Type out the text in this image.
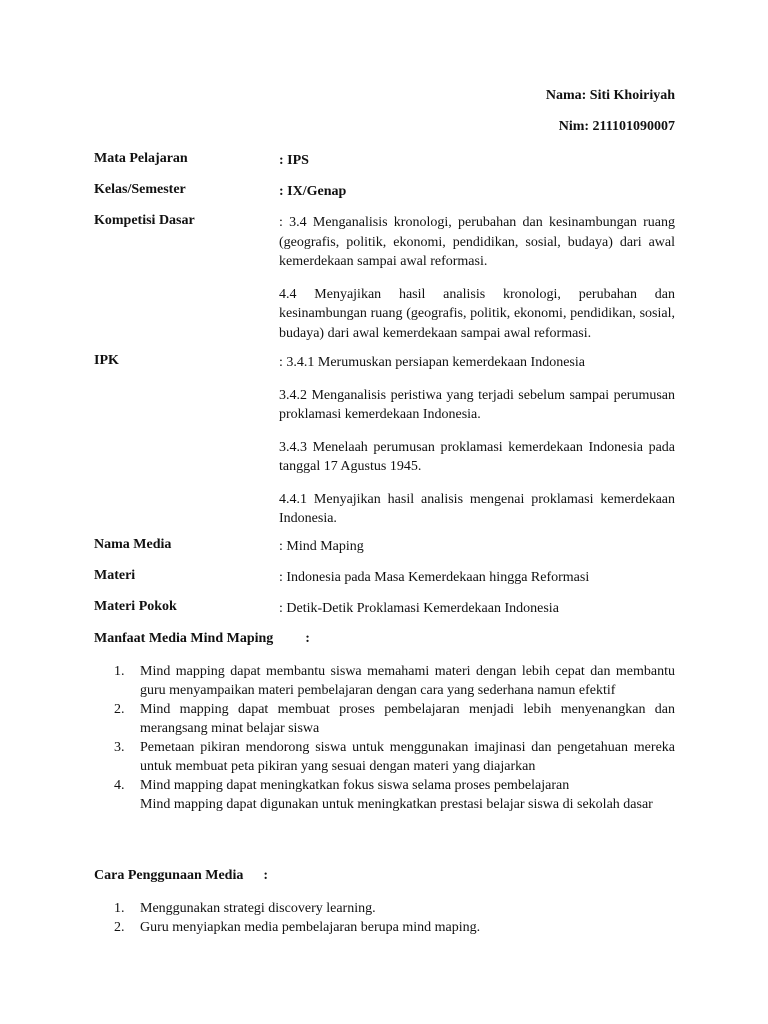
Nama: Siti Khoiriyah
Nim: 211101090007
Mata Pelajaran	: IPS
Kelas/Semester	: IX/Genap
Kompetisi Dasar	: 3.4 Menganalisis kronologi, perubahan dan kesinambungan ruang (geografis, politik, ekonomi, pendidikan, sosial, budaya) dari awal kemerdekaan sampai awal reformasi.

4.4 Menyajikan hasil analisis kronologi, perubahan dan kesinambungan ruang (geografis, politik, ekonomi, pendidikan, sosial, budaya) dari awal kemerdekaan sampai awal reformasi.

IPK	: 3.4.1 Merumuskan persiapan kemerdekaan Indonesia

3.4.2 Menganalisis peristiwa yang terjadi sebelum sampai perumusan proklamasi kemerdekaan Indonesia.

3.4.3 Menelaah perumusan proklamasi kemerdekaan Indonesia pada tanggal 17 Agustus 1945.

4.4.1 Menyajikan hasil analisis mengenai proklamasi kemerdekaan Indonesia.

Nama Media	: Mind Maping
Materi	: Indonesia pada Masa Kemerdekaan hingga Reformasi
Materi Pokok	: Detik-Detik Proklamasi Kemerdekaan Indonesia
Manfaat Media Mind Maping :
1. Mind mapping dapat membantu siswa memahami materi dengan lebih cepat dan membantu guru menyampaikan materi pembelajaran dengan cara yang sederhana namun efektif
2. Mind mapping dapat membuat proses pembelajaran menjadi lebih menyenangkan dan merangsang minat belajar siswa
3. Pemetaan pikiran mendorong siswa untuk menggunakan imajinasi dan pengetahuan mereka untuk membuat peta pikiran yang sesuai dengan materi yang diajarkan
4. Mind mapping dapat meningkatkan fokus siswa selama proses pembelajaran
Mind mapping dapat digunakan untuk meningkatkan prestasi belajar siswa di sekolah dasar
Cara Penggunaan Media :
1. Menggunakan strategi discovery learning.
2. Guru menyiapkan media pembelajaran berupa mind maping.
